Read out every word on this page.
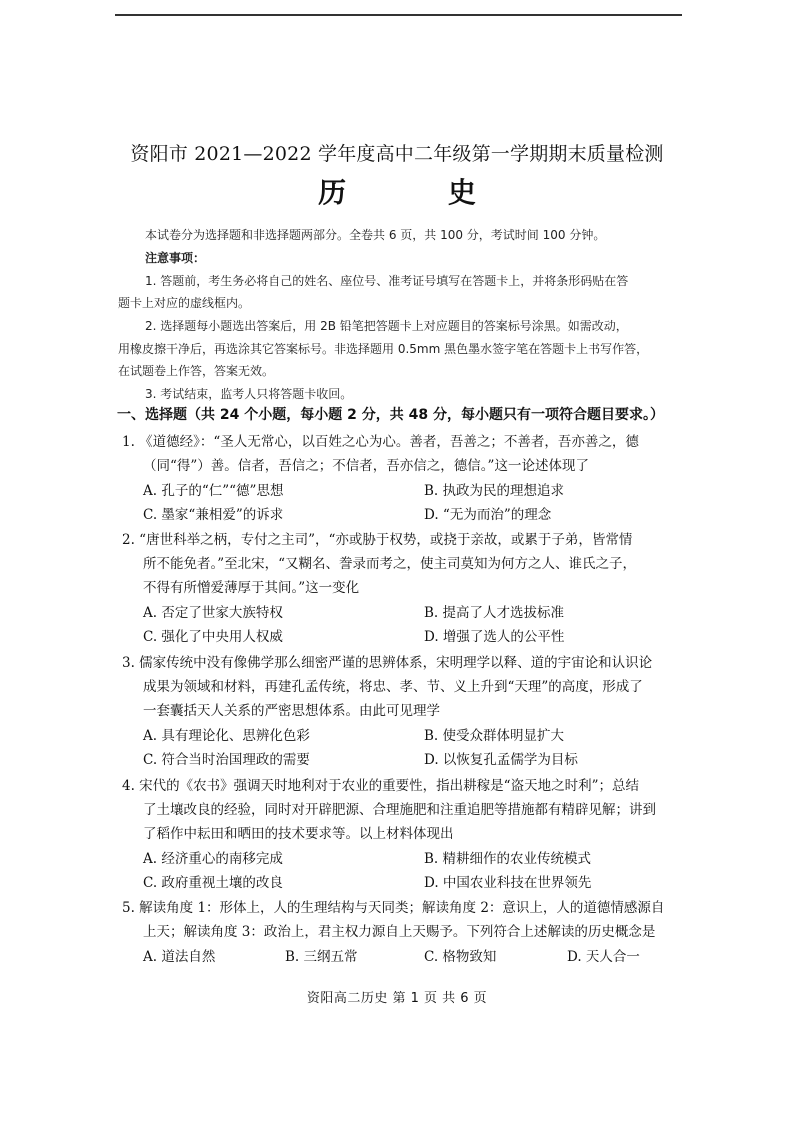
资阳市 2021—2022 学年度高中二年级第一学期期末质量检测
历 史
本试卷分为选择题和非选择题两部分。全卷共 6 页，共 100 分，考试时间 100 分钟。
注意事项：
1. 答题前，考生务必将自己的姓名、座位号、准考证号填写在答题卡上，并将条形码贴在答
题卡上对应的虚线框内。
2. 选择题每小题选出答案后，用 2B 铅笔把答题卡上对应题目的答案标号涂黑。如需改动，
用橡皮擦干净后，再选涂其它答案标号。非选择题用 0.5mm 黑色墨水签字笔在答题卡上书写作答，
在试题卷上作答，答案无效。
3. 考试结束，监考人只将答题卡收回。
一、选择题（共 24 个小题，每小题 2 分，共 48 分，每小题只有一项符合题目要求。）
1. 《道德经》：“圣人无常心，以百姓之心为心。善者，吾善之；不善者，吾亦善之，德
（同“得”）善。信者，吾信之；不信者，吾亦信之，德信。”这一论述体现了
A. 孔子的“仁”“德”思想	B. 执政为民的理想追求
C. 墨家“兼相爱”的诉求	D. “无为而治”的理念
2. “唐世科举之柄，专付之主司”，“亦或胁于权势，或挠于亲故，或累于子弟，皆常情
所不能免者。”至北宋，“又糊名、誊录而考之，使主司莫知为何方之人、谁氏之子，
不得有所憎爱薄厚于其间。”这一变化
A. 否定了世家大族特权	B. 提高了人才选拔标准
C. 强化了中央用人权威	D. 增强了选人的公平性
3. 儒家传统中没有像佛学那么细密严谨的思辨体系，宋明理学以释、道的宇宙论和认识论
成果为领域和材料，再建孔孟传统，将忠、孝、节、义上升到“天理”的高度，形成了
一套囊括天人关系的严密思想体系。由此可见理学
A. 具有理论化、思辨化色彩	B. 使受众群体明显扩大
C. 符合当时治国理政的需要	D. 以恢复孔孟儒学为目标
4. 宋代的《农书》强调天时地利对于农业的重要性，指出耕稼是“盗天地之时利”；总结
了土壤改良的经验，同时对开辟肥源、合理施肥和注重追肥等措施都有精辟见解；讲到
了稻作中耘田和晒田的技术要求等。以上材料体现出
A. 经济重心的南移完成	B. 精耕细作的农业传统模式
C. 政府重视土壤的改良	D. 中国农业科技在世界领先
5. 解读角度 1：形体上，人的生理结构与天同类；解读角度 2：意识上，人的道德情感源自
上天；解读角度 3：政治上，君主权力源自上天赐予。下列符合上述解读的历史概念是
A. 道法自然	B. 三纲五常	C. 格物致知	D. 天人合一
资阳高二历史 第 1 页 共 6 页
